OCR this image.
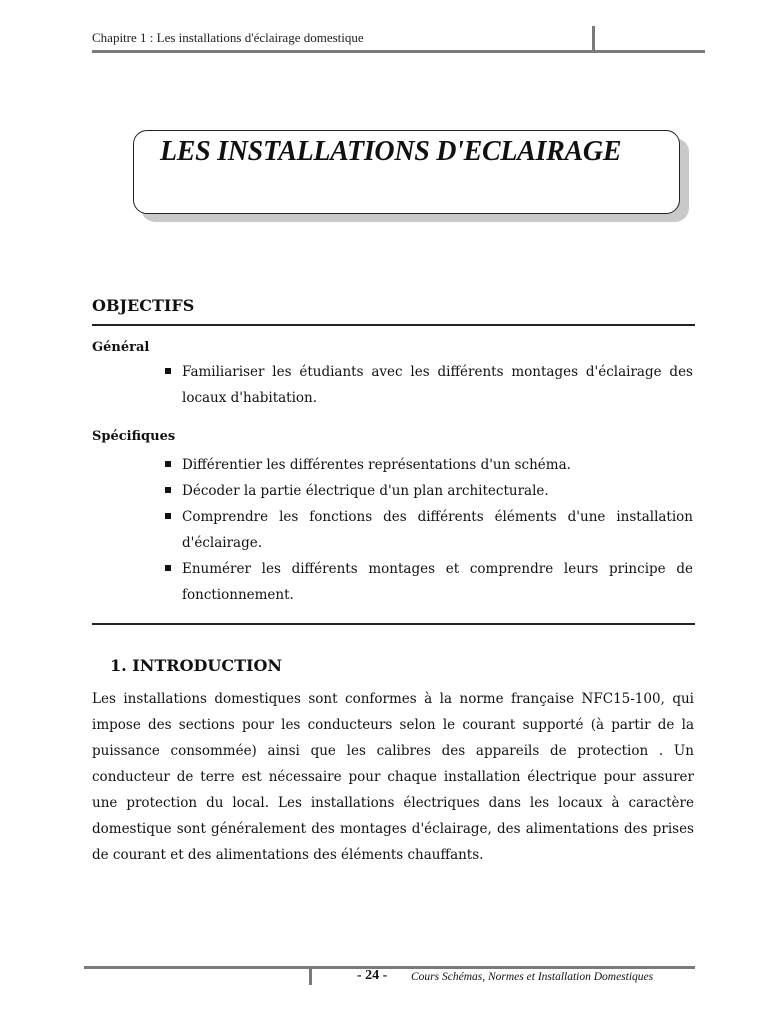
Chapitre 1 : Les installations d'éclairage domestique
LES INSTALLATIONS D'ECLAIRAGE
OBJECTIFS
Général
Familiariser les étudiants avec les différents montages d'éclairage des locaux d'habitation.
Spécifiques
Différentier les différentes représentations d'un schéma.
Décoder la partie électrique d'un plan architecturale.
Comprendre les fonctions des différents éléments d'une installation d'éclairage.
Enumérer les différents montages et comprendre leurs principe de fonctionnement.
1. INTRODUCTION

Les installations domestiques sont conformes à la norme française NFC15-100, qui impose des sections pour les conducteurs selon le courant supporté (à partir de la puissance consommée) ainsi que les calibres des appareils de protection . Un conducteur de terre est nécessaire pour chaque installation électrique pour assurer une protection du local. Les installations électriques dans les locaux à caractère domestique sont généralement des montages d'éclairage, des alimentations des prises de courant et des alimentations des éléments chauffants.

- 24 - Cours Schémas, Normes et Installation Domestiques
